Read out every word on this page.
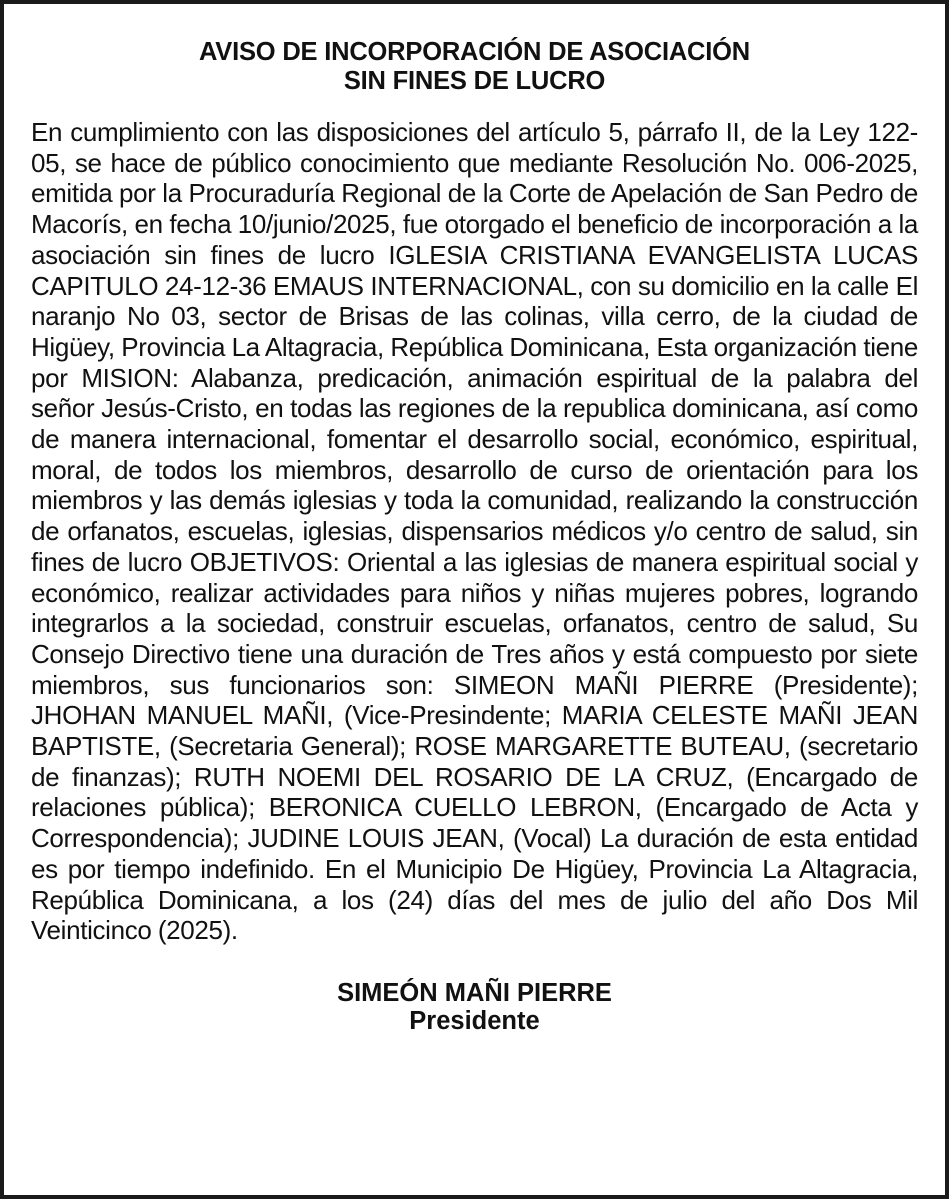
AVISO DE INCORPORACIÓN DE ASOCIACIÓN
SIN FINES DE LUCRO

En cumplimiento con las disposiciones del artículo 5, párrafo II, de la Ley 122-05, se hace de público conocimiento que mediante Resolución No. 006-2025, emitida por la Procuraduría Regional de la Corte de Apelación de San Pedro de Macorís, en fecha 10/junio/2025, fue otorgado el beneficio de incorporación a la asociación sin fines de lucro IGLESIA CRISTIANA EVANGELISTA LUCAS CAPITULO 24-12-36 EMAUS INTERNACIONAL, con su domicilio en la calle El naranjo No 03, sector de Brisas de las colinas, villa cerro, de la ciudad de Higüey, Provincia La Altagracia, República Dominicana, Esta organización tiene por MISION: Alabanza, predicación, animación espiritual de la palabra del señor Jesús-Cristo, en todas las regiones de la republica dominicana, así como de manera internacional, fomentar el desarrollo social, económico, espiritual, moral, de todos los miembros, desarrollo de curso de orientación para los miembros y las demás iglesias y toda la comunidad, realizando la construcción de orfanatos, escuelas, iglesias, dispensarios médicos y/o centro de salud, sin fines de lucro OBJETIVOS: Oriental a las iglesias de manera espiritual social y económico, realizar actividades para niños y niñas mujeres pobres, logrando integrarlos a la sociedad, construir escuelas, orfanatos, centro de salud, Su Consejo Directivo tiene una duración de Tres años y está compuesto por siete miembros, sus funcionarios son: SIMEON MAÑI PIERRE (Presidente); JHOHAN MANUEL MAÑI, (Vice-Presindente; MARIA CELESTE MAÑI JEAN BAPTISTE, (Secretaria General); ROSE MARGARETTE BUTEAU, (secretario de finanzas); RUTH NOEMI DEL ROSARIO DE LA CRUZ, (Encargado de relaciones pública); BERONICA CUELLO LEBRON, (Encargado de Acta y Correspondencia); JUDINE LOUIS JEAN, (Vocal) La duración de esta entidad es por tiempo indefinido. En el Municipio De Higüey, Provincia La Altagracia, República Dominicana, a los (24) días del mes de julio del año Dos Mil Veinticinco (2025).

SIMEÓN MAÑI PIERRE
Presidente
